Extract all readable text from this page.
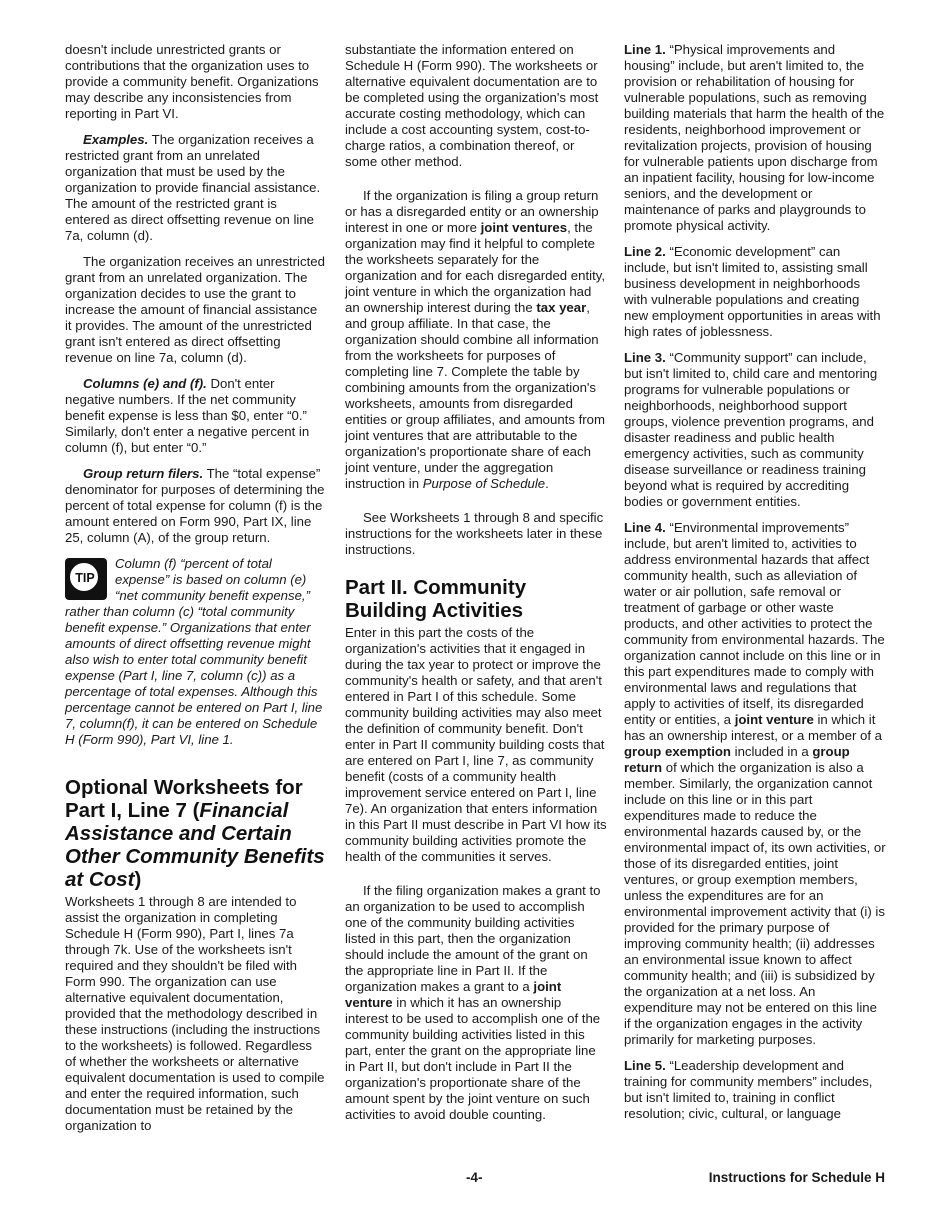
doesn't include unrestricted grants or contributions that the organization uses to provide a community benefit. Organizations may describe any inconsistencies from reporting in Part VI.

Examples. The organization receives a restricted grant from an unrelated organization that must be used by the organization to provide financial assistance. The amount of the restricted grant is entered as direct offsetting revenue on line 7a, column (d).

The organization receives an unrestricted grant from an unrelated organization. The organization decides to use the grant to increase the amount of financial assistance it provides. The amount of the unrestricted grant isn't entered as direct offsetting revenue on line 7a, column (d).

Columns (e) and (f). Don't enter negative numbers. If the net community benefit expense is less than $0, enter “0.” Similarly, don't enter a negative percent in column (f), but enter “0.”

Group return filers. The “total expense” denominator for purposes of determining the percent of total expense for column (f) is the amount entered on Form 990, Part IX, line 25, column (A), of the group return.

TIP
Column (f) “percent of total expense” is based on column (e) “net community benefit expense,” rather than column (c) “total community benefit expense.” Organizations that enter amounts of direct offsetting revenue might also wish to enter total community benefit expense (Part I, line 7, column (c)) as a percentage of total expenses. Although this percentage cannot be entered on Part I, line 7, column(f), it can be entered on Schedule H (Form 990), Part VI, line 1.
Optional Worksheets for Part I, Line 7 (Financial Assistance and Certain Other Community Benefits at Cost)

Worksheets 1 through 8 are intended to assist the organization in completing Schedule H (Form 990), Part I, lines 7a through 7k. Use of the worksheets isn't required and they shouldn't be filed with Form 990. The organization can use alternative equivalent documentation, provided that the methodology described in these instructions (including the instructions to the worksheets) is followed. Regardless of whether the worksheets or alternative equivalent documentation is used to compile and enter the required information, such documentation must be retained by the organization to

substantiate the information entered on Schedule H (Form 990). The worksheets or alternative equivalent documentation are to be completed using the organization's most accurate costing methodology, which can include a cost accounting system, cost-to-charge ratios, a combination thereof, or some other method.

If the organization is filing a group return or has a disregarded entity or an ownership interest in one or more joint ventures, the organization may find it helpful to complete the worksheets separately for the organization and for each disregarded entity, joint venture in which the organization had an ownership interest during the tax year, and group affiliate. In that case, the organization should combine all information from the worksheets for purposes of completing line 7. Complete the table by combining amounts from the organization's worksheets, amounts from disregarded entities or group affiliates, and amounts from joint ventures that are attributable to the organization's proportionate share of each joint venture, under the aggregation instruction in Purpose of Schedule.

See Worksheets 1 through 8 and specific instructions for the worksheets later in these instructions.

Part II. Community Building Activities

Enter in this part the costs of the organization's activities that it engaged in during the tax year to protect or improve the community's health or safety, and that aren't entered in Part I of this schedule. Some community building activities may also meet the definition of community benefit. Don't enter in Part II community building costs that are entered on Part I, line 7, as community benefit (costs of a community health improvement service entered on Part I, line 7e). An organization that enters information in this Part II must describe in Part VI how its community building activities promote the health of the communities it serves.

If the filing organization makes a grant to an organization to be used to accomplish one of the community building activities listed in this part, then the organization should include the amount of the grant on the appropriate line in Part II. If the organization makes a grant to a joint venture in which it has an ownership interest to be used to accomplish one of the community building activities listed in this part, enter the grant on the appropriate line in Part II, but don't include in Part II the organization's proportionate share of the amount spent by the joint venture on such activities to avoid double counting.

Line 1. “Physical improvements and housing” include, but aren't limited to, the provision or rehabilitation of housing for vulnerable populations, such as removing building materials that harm the health of the residents, neighborhood improvement or revitalization projects, provision of housing for vulnerable patients upon discharge from an inpatient facility, housing for low-income seniors, and the development or maintenance of parks and playgrounds to promote physical activity.

Line 2. “Economic development” can include, but isn't limited to, assisting small business development in neighborhoods with vulnerable populations and creating new employment opportunities in areas with high rates of joblessness.

Line 3. “Community support” can include, but isn't limited to, child care and mentoring programs for vulnerable populations or neighborhoods, neighborhood support groups, violence prevention programs, and disaster readiness and public health emergency activities, such as community disease surveillance or readiness training beyond what is required by accrediting bodies or government entities.

Line 4. “Environmental improvements” include, but aren't limited to, activities to address environmental hazards that affect community health, such as alleviation of water or air pollution, safe removal or treatment of garbage or other waste products, and other activities to protect the community from environmental hazards. The organization cannot include on this line or in this part expenditures made to comply with environmental laws and regulations that apply to activities of itself, its disregarded entity or entities, a joint venture in which it has an ownership interest, or a member of a group exemption included in a group return of which the organization is also a member. Similarly, the organization cannot include on this line or in this part expenditures made to reduce the environmental hazards caused by, or the environmental impact of, its own activities, or those of its disregarded entities, joint ventures, or group exemption members, unless the expenditures are for an environmental improvement activity that (i) is provided for the primary purpose of improving community health; (ii) addresses an environmental issue known to affect community health; and (iii) is subsidized by the organization at a net loss. An expenditure may not be entered on this line if the organization engages in the activity primarily for marketing purposes.

Line 5. “Leadership development and training for community members” includes, but isn't limited to, training in conflict resolution; civic, cultural, or language

-4-	Instructions for Schedule H
